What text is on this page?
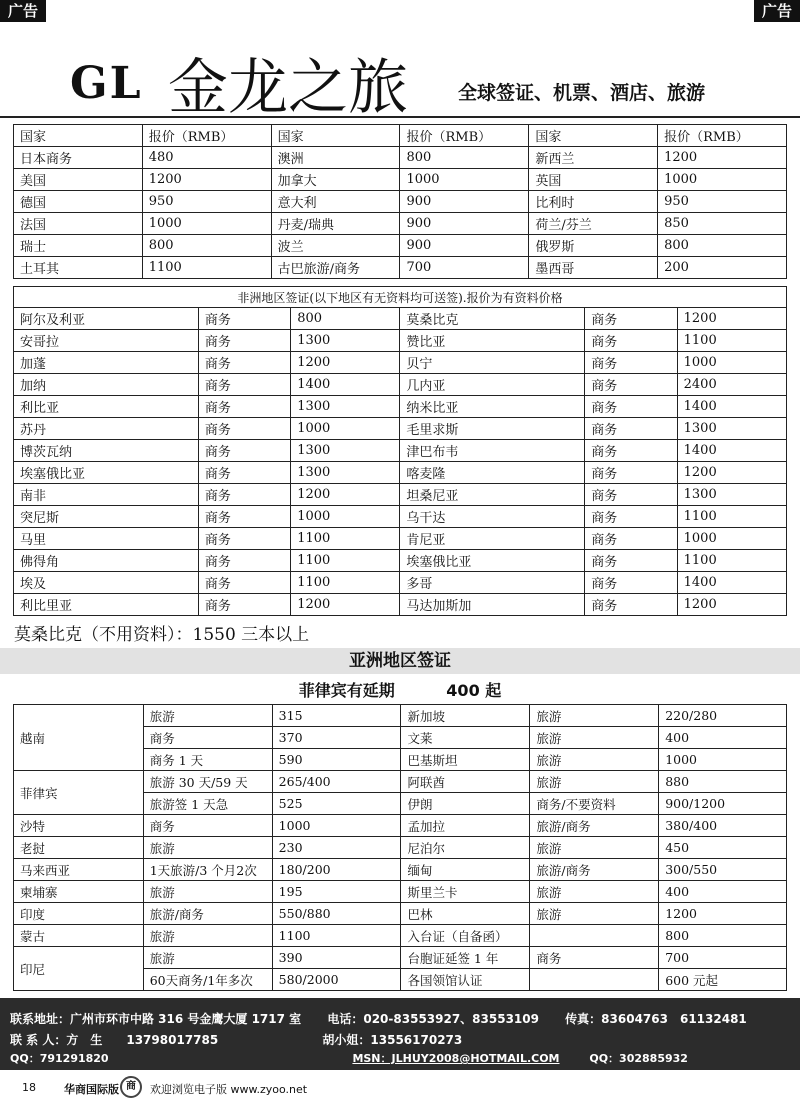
广告	广告
GL 金龙之旅	全球签证、机票、酒店、旅游
国家	报价（RMB）	国家	报价（RMB）	国家	报价（RMB）
日本商务	480	澳洲	800	新西兰	1200
美国	1200	加拿大	1000	英国	1000
德国	950	意大利	900	比利时	950
法国	1000	丹麦/瑞典	900	荷兰/芬兰	850
瑞士	800	波兰	900	俄罗斯	800
土耳其	1100	古巴旅游/商务	700	墨西哥	200
非洲地区签证(以下地区有无资料均可送签).报价为有资料价格					
阿尔及利亚	商务	800	莫桑比克	商务	1200
安哥拉	商务	1300	赞比亚	商务	1100
加蓬	商务	1200	贝宁	商务	1000
加纳	商务	1400	几内亚	商务	2400
利比亚	商务	1300	纳米比亚	商务	1400
苏丹	商务	1000	毛里求斯	商务	1300
博茨瓦纳	商务	1300	津巴布韦	商务	1400
埃塞俄比亚	商务	1300	喀麦隆	商务	1200
南非	商务	1200	坦桑尼亚	商务	1300
突尼斯	商务	1000	乌干达	商务	1100
马里	商务	1100	肯尼亚	商务	1000
佛得角	商务	1100	埃塞俄比亚	商务	1100
埃及	商务	1100	多哥	商务	1400
利比里亚	商务	1200	马达加斯加	商务	1200
莫桑比克（不用资料）：1550 三本以上
亚洲地区签证
菲律宾有延期	400 起
越南	旅游	315	新加坡	旅游	220/280
	商务	370	文莱	旅游	400
	商务 1 天	590	巴基斯坦	旅游	1000
菲律宾	旅游 30 天/59 天	265/400	阿联酋	旅游	880
	旅游签 1 天急	525	伊朗	商务/不要资料	900/1200
沙特	商务	1000	孟加拉	旅游/商务	380/400
老挝	旅游	230	尼泊尔	旅游	450
马来西亚	1天旅游/3 个月2次	180/200	缅甸	旅游/商务	300/550
柬埔寨	旅游	195	斯里兰卡	旅游	400
印度	旅游/商务	550/880	巴林	旅游	1200
蒙古	旅游	1100	入台证（自备函）		800
印尼	旅游	390	台胞证延签 1 年	商务	700
	60天商务/1年多次	580/2000	各国领馆认证		600 元起
联系地址：广州市环市中路 316 号金鹰大厦 1717 室 电话：020-83553927、83553109 传真：83604763　61132481
联 系 人：方　生　　13798017785	胡小姐：13556170273
QQ：791291820	MSN：JLHUY2008@HOTMAIL.COM	QQ：302885932
18	华商国际版 商	欢迎浏览电子版 www.zyoo.net
